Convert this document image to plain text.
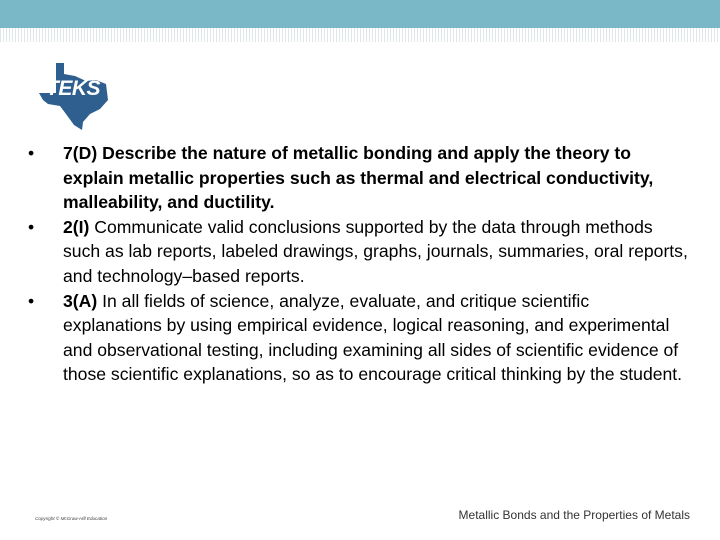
TEKS
•	7(D) Describe the nature of metallic bonding and apply the theory to explain metallic properties such as thermal and electrical conductivity, malleability, and ductility.
•	2(I) Communicate valid conclusions supported by the data through methods such as lab reports, labeled drawings, graphs, journals, summaries, oral reports, and technology–based reports.
•	3(A) In all fields of science, analyze, evaluate, and critique scientific explanations by using empirical evidence, logical reasoning, and experimental and observational testing, including examining all sides of scientific evidence of those scientific explanations, so as to encourage critical thinking by the student.
Copyright © McGraw-Hill Education	Metallic Bonds and the Properties of Metals
